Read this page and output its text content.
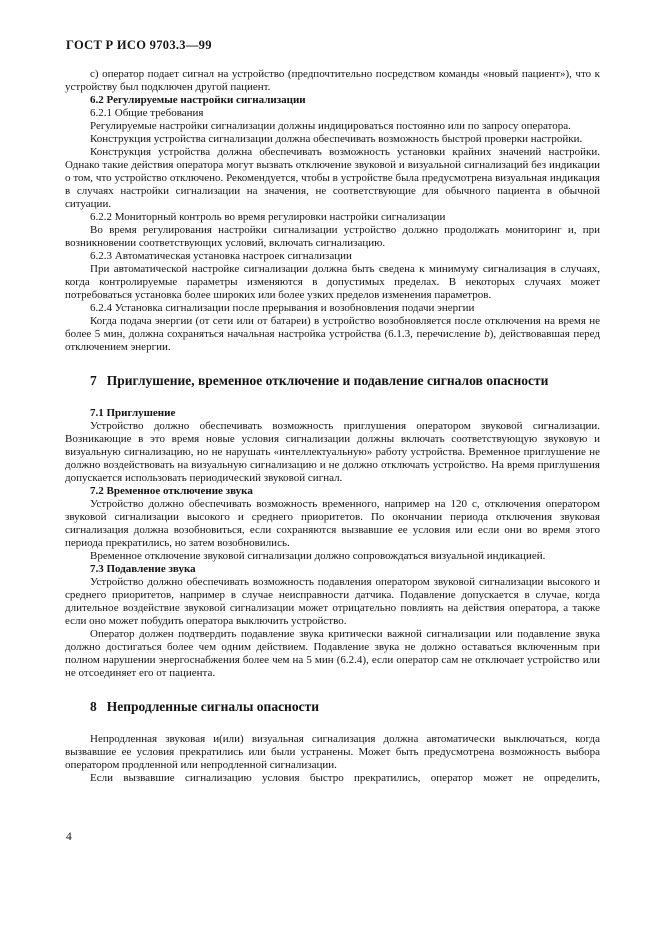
ГОСТ Р ИСО 9703.3—99

с) оператор подает сигнал на устройство (предпочтительно посредством команды «новый пациент»), что к устройству был подключен другой пациент.

6.2 Регулируемые настройки сигнализации

6.2.1 Общие требования

Регулируемые настройки сигнализации должны индицироваться постоянно или по запросу оператора.

Конструкция устройства сигнализации должна обеспечивать возможность быстрой проверки настройки.

Конструкция устройства должна обеспечивать возможность установки крайних значений настройки. Однако такие действия оператора могут вызвать отключение звуковой и визуальной сигнализаций без индикации о том, что устройство отключено. Рекомендуется, чтобы в устройстве была предусмотрена визуальная индикация в случаях настройки сигнализации на значения, не соответствующие для обычного пациента в обычной ситуации.

6.2.2 Мониторный контроль во время регулировки настройки сигнализации

Во время регулирования настройки сигнализации устройство должно продолжать мониторинг и, при возникновении соответствующих условий, включать сигнализацию.

6.2.3 Автоматическая установка настроек сигнализации

При автоматической настройке сигнализации должна быть сведена к минимуму сигнализация в случаях, когда контролируемые параметры изменяются в допустимых пределах. В некоторых случаях может потребоваться установка более широких или более узких пределов изменения параметров.

6.2.4 Установка сигнализации после прерывания и возобновления подачи энергии

Когда подача энергии (от сети или от батареи) в устройство возобновляется после отключения на время не более 5 мин, должна сохраняться начальная настройка устройства (6.1.3, перечисление b), действовавшая перед отключением энергии.

7 Приглушение, временное отключение и подавление сигналов опасности

7.1 Приглушение

Устройство должно обеспечивать возможность приглушения оператором звуковой сигнализации. Возникающие в это время новые условия сигнализации должны включать соответствующую звуковую и визуальную сигнализацию, но не нарушать «интеллектуальную» работу устройства. Временное приглушение не должно воздействовать на визуальную сигнализацию и не должно отключать устройство. На время приглушения допускается использовать периодический звуковой сигнал.

7.2 Временное отключение звука

Устройство должно обеспечивать возможность временного, например на 120 с, отключения оператором звуковой сигнализации высокого и среднего приоритетов. По окончании периода отключения звуковая сигнализация должна возобновиться, если сохраняются вызвавшие ее условия или если они во время этого периода прекратились, но затем возобновились.

Временное отключение звуковой сигнализации должно сопровождаться визуальной индикацией.

7.3 Подавление звука

Устройство должно обеспечивать возможность подавления оператором звуковой сигнализации высокого и среднего приоритетов, например в случае неисправности датчика. Подавление допускается в случае, когда длительное воздействие звуковой сигнализации может отрицательно повлиять на действия оператора, а также если оно может побудить оператора выключить устройство.

Оператор должен подтвердить подавление звука критически важной сигнализации или подавление звука должно достигаться более чем одним действием. Подавление звука не должно оставаться включенным при полном нарушении энергоснабжения более чем на 5 мин (6.2.4), если оператор сам не отключает устройство или не отсоединяет его от пациента.

8 Непродленные сигналы опасности

Непродленная звуковая и(или) визуальная сигнализация должна автоматически выключаться, когда вызвавшие ее условия прекратились или были устранены. Может быть предусмотрена возможность выбора оператором продленной или непродленной сигнализации.

Если вызвавшие сигнализацию условия быстро прекратились, оператор может не определить,

4
